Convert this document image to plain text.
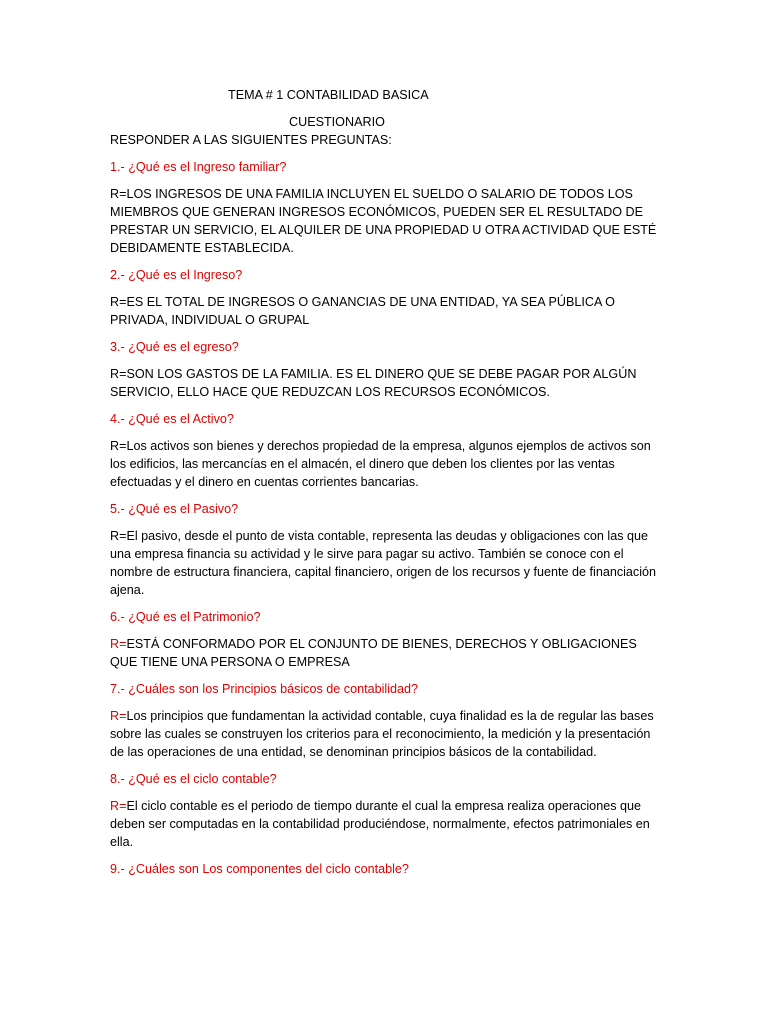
TEMA # 1 CONTABILIDAD BASICA

CUESTIONARIO

RESPONDER A LAS SIGUIENTES PREGUNTAS:

1.- ¿Qué es el Ingreso familiar?

R=LOS INGRESOS DE UNA FAMILIA INCLUYEN EL SUELDO O SALARIO DE TODOS LOS MIEMBROS QUE GENERAN INGRESOS ECONÓMICOS, PUEDEN SER EL RESULTADO DE PRESTAR UN SERVICIO, EL ALQUILER DE UNA PROPIEDAD U OTRA ACTIVIDAD QUE ESTÉ DEBIDAMENTE ESTABLECIDA.

2.- ¿Qué es el Ingreso?

R=ES EL TOTAL DE INGRESOS O GANANCIAS DE UNA ENTIDAD, YA SEA PÚBLICA O PRIVADA, INDIVIDUAL O GRUPAL

3.- ¿Qué es el egreso?

R=SON LOS GASTOS DE LA FAMILIA. ES EL DINERO QUE SE DEBE PAGAR POR ALGÚN SERVICIO, ELLO HACE QUE REDUZCAN LOS RECURSOS ECONÓMICOS.

4.- ¿Qué es el Activo?

R=Los activos son bienes y derechos propiedad de la empresa, algunos ejemplos de activos son los edificios, las mercancías en el almacén, el dinero que deben los clientes por las ventas efectuadas y el dinero en cuentas corrientes bancarias.

5.- ¿Qué es el Pasivo?

R=El pasivo, desde el punto de vista contable, representa las deudas y obligaciones con las que una empresa financia su actividad y le sirve para pagar su activo. También se conoce con el nombre de estructura financiera, capital financiero, origen de los recursos y fuente de financiación ajena.

6.- ¿Qué es el Patrimonio?

R=ESTÁ CONFORMADO POR EL CONJUNTO DE BIENES, DERECHOS Y OBLIGACIONES QUE TIENE UNA PERSONA O EMPRESA

7.- ¿Cuáles son los Principios básicos de contabilidad?

R=Los principios que fundamentan la actividad contable, cuya finalidad es la de regular las bases sobre las cuales se construyen los criterios para el reconocimiento, la medición y la presentación de las operaciones de una entidad, se denominan principios básicos de la contabilidad.

8.- ¿Qué es el ciclo contable?

R=El ciclo contable es el periodo de tiempo durante el cual la empresa realiza operaciones que deben ser computadas en la contabilidad produciéndose, normalmente, efectos patrimoniales en ella.

9.- ¿Cuáles son Los componentes del ciclo contable?
